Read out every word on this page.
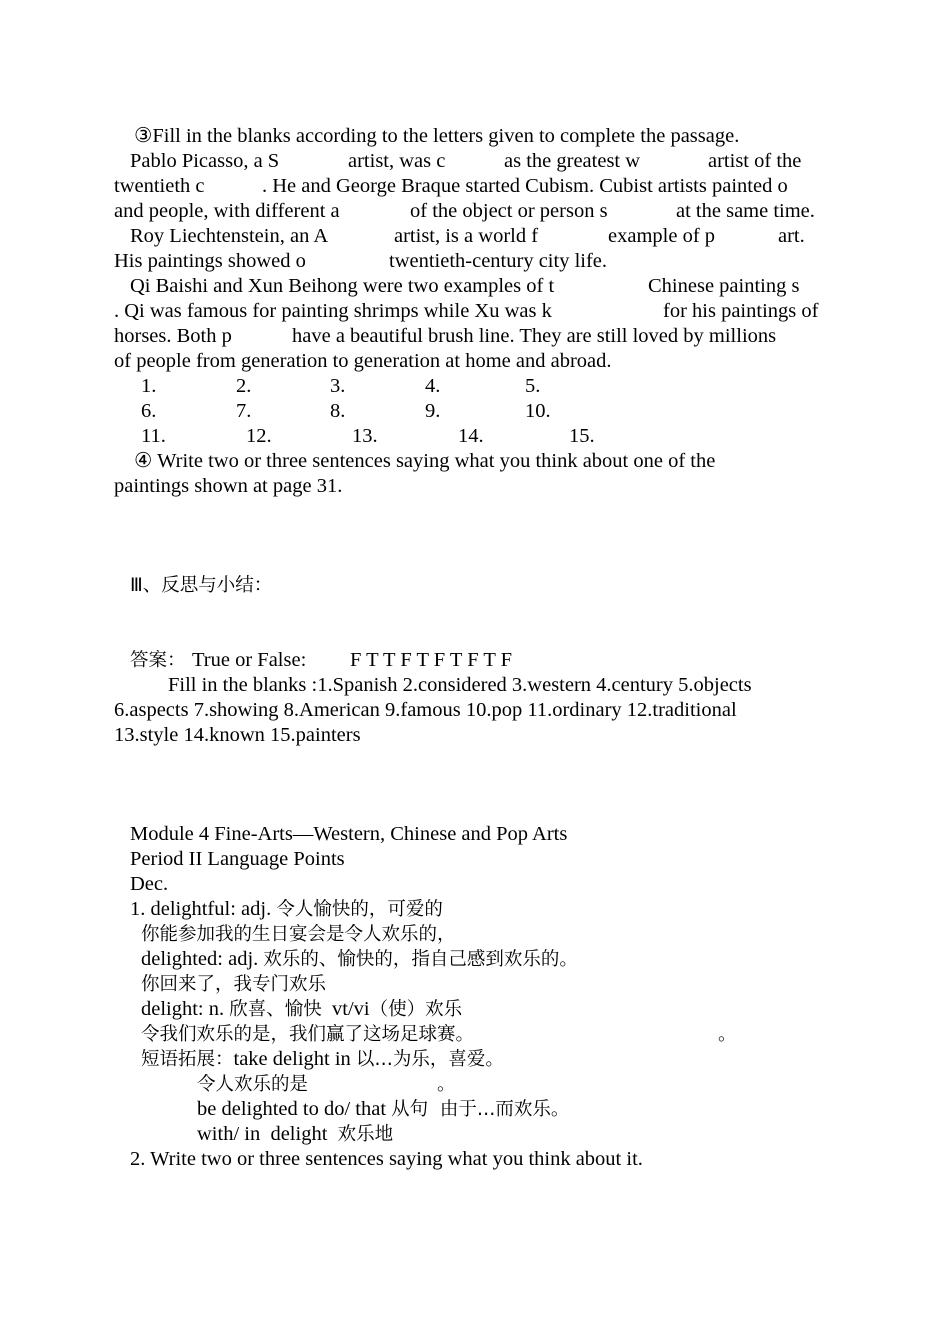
③Fill in the blanks according to the letters given to complete the passage.
Pablo Picasso, a S	artist, was c	as the greatest w	artist of the
twentieth c	. He and George Braque started Cubism. Cubist artists painted o
and people, with different a	of the object or person s	at the same time.
Roy Liechtenstein, an A	artist, is a world f	example of p	art.
His paintings showed o	twentieth-century city life.
Qi Baishi and Xun Beihong were two examples of t	Chinese painting s
. Qi was famous for painting shrimps while Xu was k	for his paintings of
horses. Both p	have a beautiful brush line. They are still loved by millions
of people from generation to generation at home and abroad.
1.	2.	3.	4.	5.
6.	7.	8.	9.	10.
11.	12.	13.	14.	15.
④ Write two or three sentences saying what you think about one of the
paintings shown at page 31.
Ⅲ、反思与小结：
答案： True or False: F T T F T F T F T F
Fill in the blanks :1.Spanish 2.considered 3.western 4.century 5.objects
6.aspects 7.showing 8.American 9.famous 10.pop 11.ordinary 12.traditional
13.style 14.known 15.painters
Module 4 Fine-Arts—Western, Chinese and Pop Arts
Period II Language Points
Dec.
1. delightful: adj. 令人愉快的，可爱的
你能参加我的生日宴会是令人欢乐的，
delighted: adj. 欢乐的、愉快的，指自己感到欢乐的。
你回来了，我专门欢乐
delight: n. 欣喜、愉快  vt/vi（使）欢乐
令我们欢乐的是，我们赢了这场足球赛。	。
短语拓展：take delight in 以…为乐，喜爱。
令人欢乐的是	。
be delighted to do/ that 从句  由于…而欢乐。
with/ in  delight  欢乐地
2. Write two or three sentences saying what you think about it.
